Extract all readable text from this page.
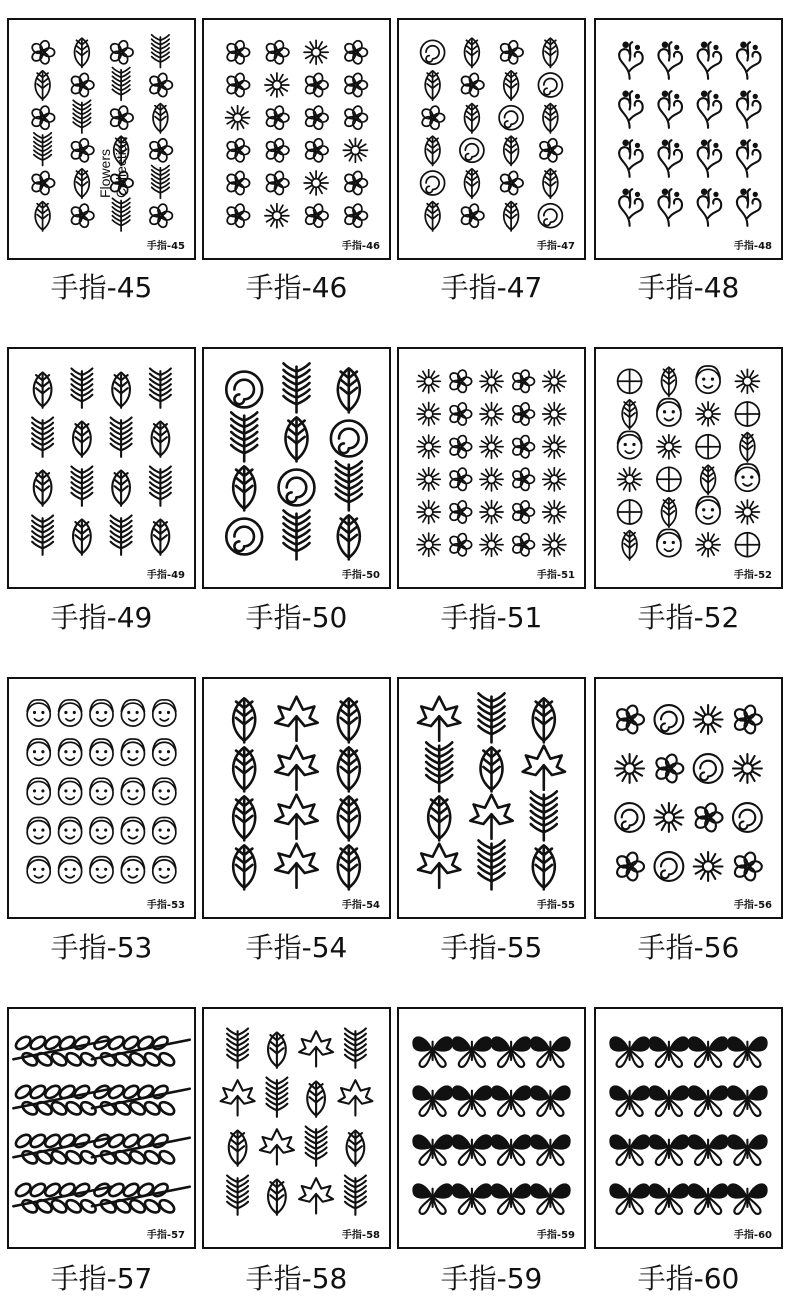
Flowers Collection
手指-45	手指-46	手指-47	手指-48
手指-45	手指-46	手指-47	手指-48
手指-49	手指-50	手指-51	手指-52
手指-49	手指-50	手指-51	手指-52
手指-53	手指-54	手指-55	手指-56
手指-53	手指-54	手指-55	手指-56
手指-57	手指-58	手指-59	手指-60
手指-57	手指-58	手指-59	手指-60
